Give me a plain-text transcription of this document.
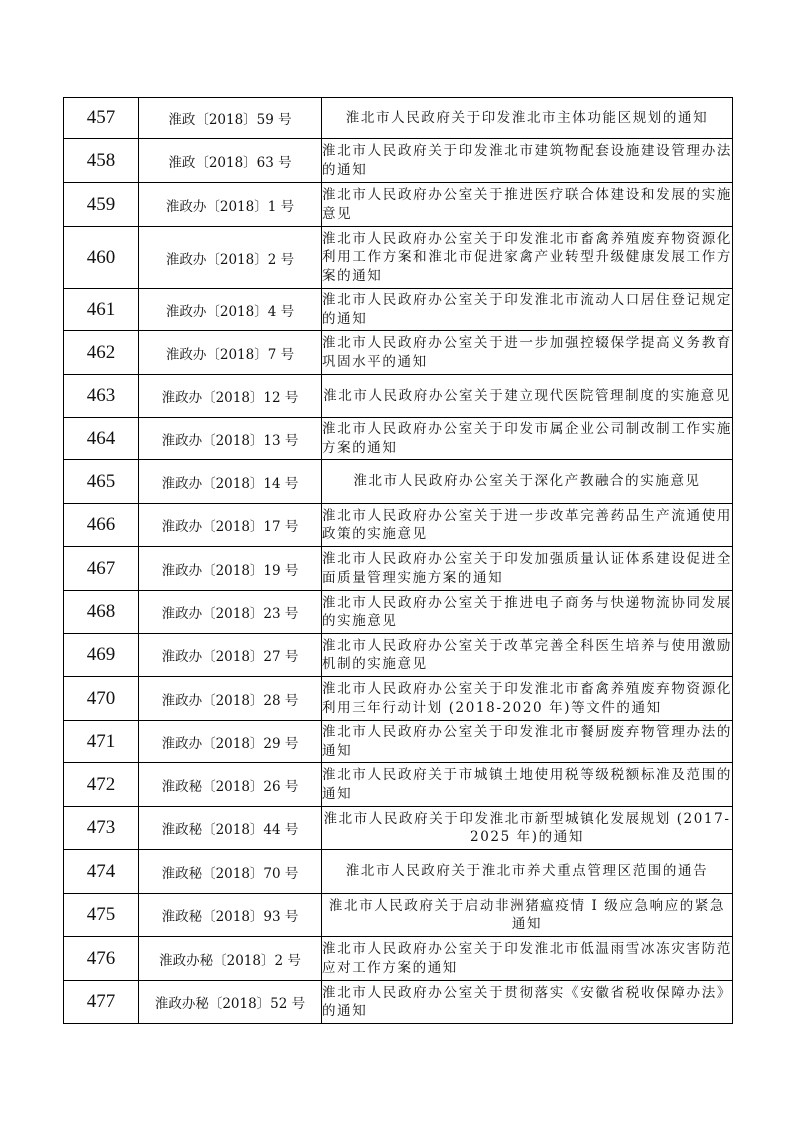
457	淮政〔2018〕59 号	淮北市人民政府关于印发淮北市主体功能区规划的通知
458	淮政〔2018〕63 号	淮北市人民政府关于印发淮北市建筑物配套设施建设管理办法的通知
459	淮政办〔2018〕1 号	淮北市人民政府办公室关于推进医疗联合体建设和发展的实施意见
460	淮政办〔2018〕2 号	淮北市人民政府办公室关于印发淮北市畜禽养殖废弃物资源化利用工作方案和淮北市促进家禽产业转型升级健康发展工作方案的通知
461	淮政办〔2018〕4 号	淮北市人民政府办公室关于印发淮北市流动人口居住登记规定的通知
462	淮政办〔2018〕7 号	淮北市人民政府办公室关于进一步加强控辍保学提高义务教育巩固水平的通知
463	淮政办〔2018〕12 号	淮北市人民政府办公室关于建立现代医院管理制度的实施意见
464	淮政办〔2018〕13 号	淮北市人民政府办公室关于印发市属企业公司制改制工作实施方案的通知
465	淮政办〔2018〕14 号	淮北市人民政府办公室关于深化产教融合的实施意见
466	淮政办〔2018〕17 号	淮北市人民政府办公室关于进一步改革完善药品生产流通使用政策的实施意见
467	淮政办〔2018〕19 号	淮北市人民政府办公室关于印发加强质量认证体系建设促进全面质量管理实施方案的通知
468	淮政办〔2018〕23 号	淮北市人民政府办公室关于推进电子商务与快递物流协同发展的实施意见
469	淮政办〔2018〕27 号	淮北市人民政府办公室关于改革完善全科医生培养与使用激励机制的实施意见
470	淮政办〔2018〕28 号	淮北市人民政府办公室关于印发淮北市畜禽养殖废弃物资源化利用三年行动计划 (2018-2020 年)等文件的通知
471	淮政办〔2018〕29 号	淮北市人民政府办公室关于印发淮北市餐厨废弃物管理办法的通知
472	淮政秘〔2018〕26 号	淮北市人民政府关于市城镇土地使用税等级税额标准及范围的通知
473	淮政秘〔2018〕44 号	淮北市人民政府关于印发淮北市新型城镇化发展规划 (2017-2025 年)的通知
474	淮政秘〔2018〕70 号	淮北市人民政府关于淮北市养犬重点管理区范围的通告
475	淮政秘〔2018〕93 号	淮北市人民政府关于启动非洲猪瘟疫情 I 级应急响应的紧急通知
476	淮政办秘〔2018〕2 号	淮北市人民政府办公室关于印发淮北市低温雨雪冰冻灾害防范应对工作方案的通知
477	淮政办秘〔2018〕52 号	淮北市人民政府办公室关于贯彻落实《安徽省税收保障办法》的通知
